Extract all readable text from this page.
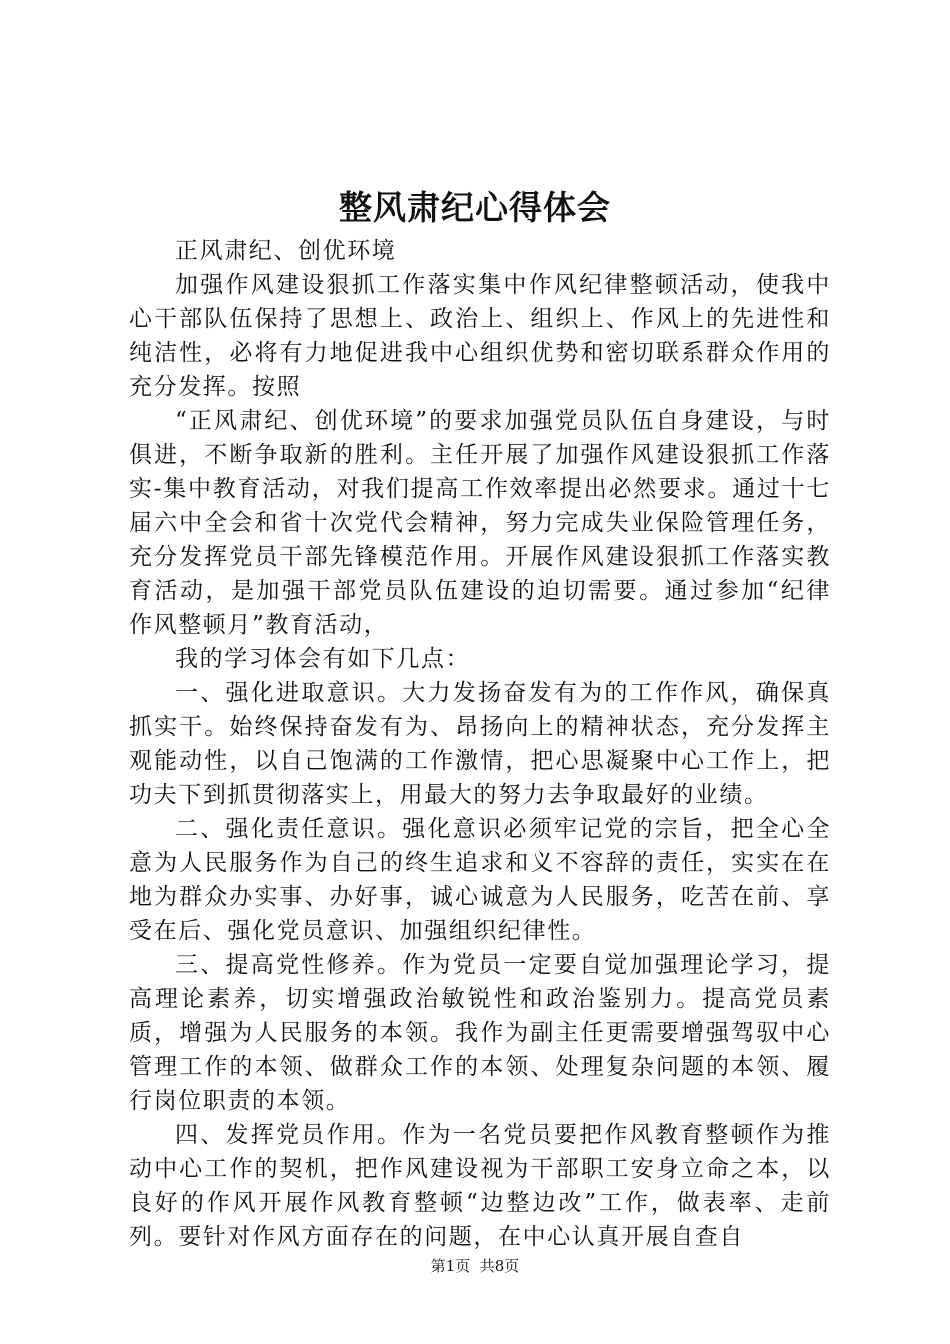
整风肃纪心得体会

正风肃纪、创优环境

加强作风建设狠抓工作落实集中作风纪律整顿活动，使我中心干部队伍保持了思想上、政治上、组织上、作风上的先进性和纯洁性，必将有力地促进我中心组织优势和密切联系群众作用的充分发挥。按照

“正风肃纪、创优环境”的要求加强党员队伍自身建设，与时俱进，不断争取新的胜利。主任开展了加强作风建设狠抓工作落实-集中教育活动，对我们提高工作效率提出必然要求。通过十七届六中全会和省十次党代会精神，努力完成失业保险管理任务，充分发挥党员干部先锋模范作用。开展作风建设狠抓工作落实教育活动，是加强干部党员队伍建设的迫切需要。通过参加“纪律作风整顿月”教育活动，

我的学习体会有如下几点：

一、强化进取意识。大力发扬奋发有为的工作作风，确保真抓实干。始终保持奋发有为、昂扬向上的精神状态，充分发挥主观能动性，以自己饱满的工作激情，把心思凝聚中心工作上，把功夫下到抓贯彻落实上，用最大的努力去争取最好的业绩。

二、强化责任意识。强化意识必须牢记党的宗旨，把全心全意为人民服务作为自己的终生追求和义不容辞的责任，实实在在地为群众办实事、办好事，诚心诚意为人民服务，吃苦在前、享受在后、强化党员意识、加强组织纪律性。

三、提高党性修养。作为党员一定要自觉加强理论学习，提高理论素养，切实增强政治敏锐性和政治鉴别力。提高党员素质，增强为人民服务的本领。我作为副主任更需要增强驾驭中心管理工作的本领、做群众工作的本领、处理复杂问题的本领、履行岗位职责的本领。

四、发挥党员作用。作为一名党员要把作风教育整顿作为推动中心工作的契机，把作风建设视为干部职工安身立命之本，以良好的作风开展作风教育整顿“边整边改”工作，做表率、走前列。要针对作风方面存在的问题，在中心认真开展自查自

第1页 共8页
